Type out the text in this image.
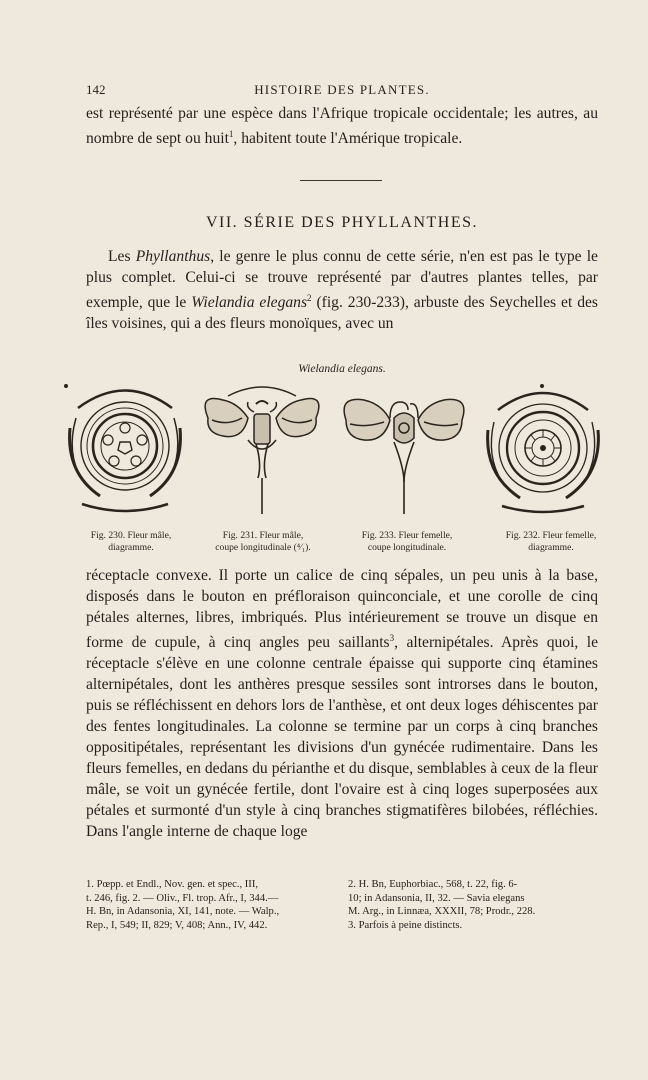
142	HISTOIRE DES PLANTES.

est représenté par une espèce dans l'Afrique tropicale occidentale; les autres, au nombre de sept ou huit$^1$, habitent toute l'Amérique tropicale.

VII. SÉRIE DES PHYLLANTHES.

Les Phyllanthus, le genre le plus connu de cette série, n'en est pas le type le plus complet. Celui-ci se trouve représenté par d'autres plantes telles, par exemple, que le Wielandia elegans$^2$ (fig. 230-233), arbuste des Seychelles et des îles voisines, qui a des fleurs monoïques, avec un

Wielandia elegans.
Fig. 230. Fleur mâle,
diagramme.
Fig. 231. Fleur mâle,
coupe longitudinale (⁴⁄₁).
Fig. 233. Fleur femelle,
coupe longitudinale.
Fig. 232. Fleur femelle,
diagramme.

réceptacle convexe. Il porte un calice de cinq sépales, un peu unis à la base, disposés dans le bouton en préfloraison quinconciale, et une corolle de cinq pétales alternes, libres, imbriqués. Plus intérieurement se trouve un disque en forme de cupule, à cinq angles peu saillants$^3$, alternipétales. Après quoi, le réceptacle s'élève en une colonne centrale épaisse qui supporte cinq étamines alternipétales, dont les anthères presque sessiles sont introrses dans le bouton, puis se réfléchissent en dehors lors de l'anthèse, et ont deux loges déhiscentes par des fentes longitudinales. La colonne se termine par un corps à cinq branches oppositipétales, représentant les divisions d'un gynécée rudimentaire. Dans les fleurs femelles, en dedans du périanthe et du disque, semblables à ceux de la fleur mâle, se voit un gynécée fertile, dont l'ovaire est à cinq loges superposées aux pétales et surmonté d'un style à cinq branches stigmatifères bilobées, réfléchies. Dans l'angle interne de chaque loge

1. Pœpp. et Endl., Nov. gen. et spec., III,
t. 246, fig. 2. — Oliv., Fl. trop. Afr., I, 344.—
H. Bn, in Adansonia, XI, 141, note. — Walp.,
Rep., I, 549; II, 829; V, 408; Ann., IV, 442.
2. H. Bn, Euphorbiac., 568, t. 22, fig. 6-
10; in Adansonia, II, 32. — Savia elegans
M. Arg., in Linnæa, XXXII, 78; Prodr., 228.
3. Parfois à peine distincts.
